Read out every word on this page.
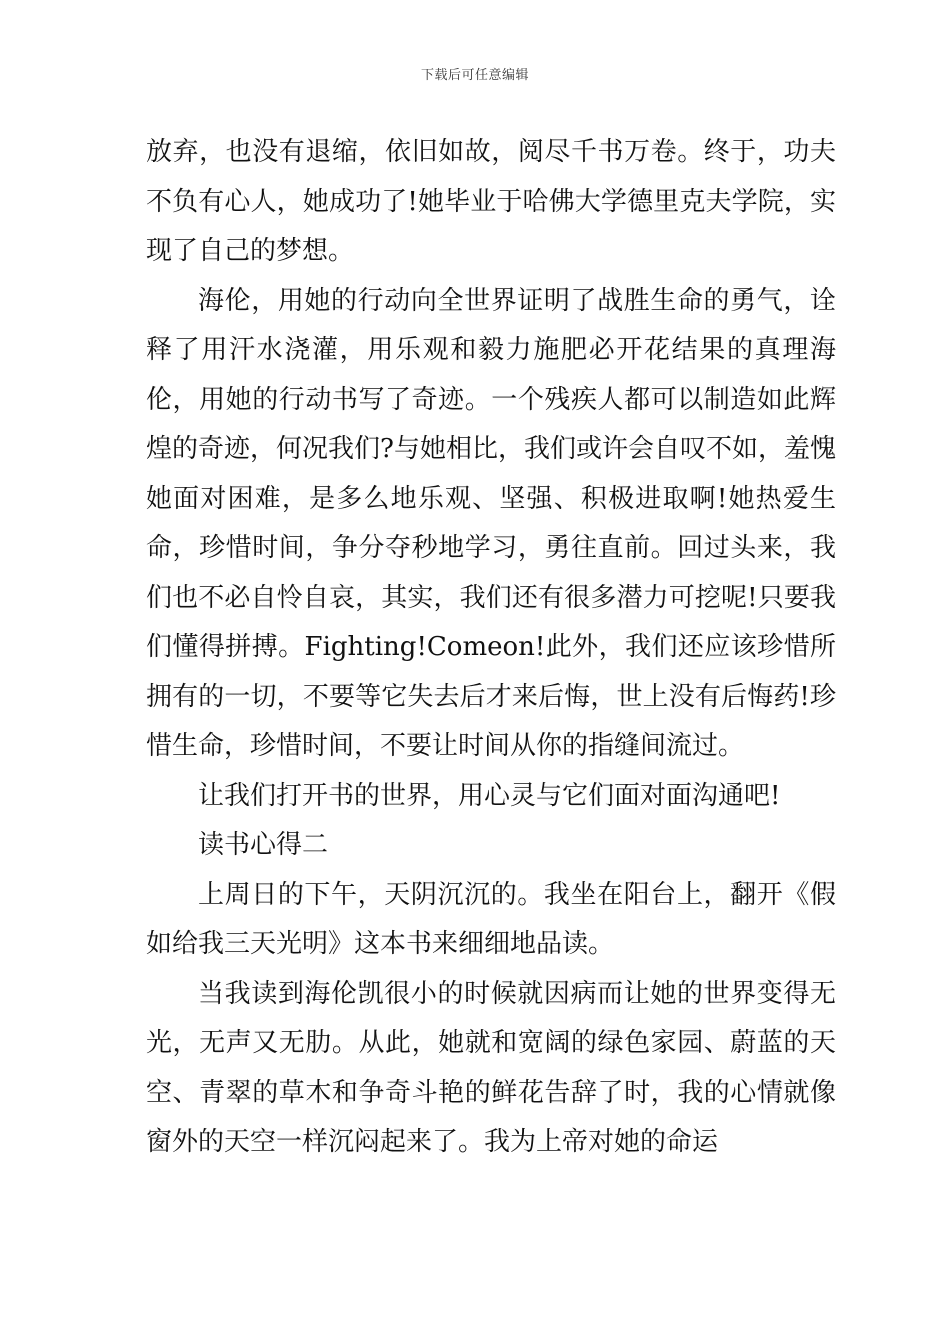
下载后可任意编辑

放弃，也没有退缩，依旧如故，阅尽千书万卷。终于，功夫不负有心人，她成功了!她毕业于哈佛大学德里克夫学院，实现了自己的梦想。

海伦，用她的行动向全世界证明了战胜生命的勇气，诠释了用汗水浇灌，用乐观和毅力施肥必开花结果的真理海伦，用她的行动书写了奇迹。一个残疾人都可以制造如此辉煌的奇迹，何况我们?与她相比，我们或许会自叹不如，羞愧她面对困难，是多么地乐观、坚强、积极进取啊!她热爱生命，珍惜时间，争分夺秒地学习，勇往直前。回过头来，我们也不必自怜自哀，其实，我们还有很多潜力可挖呢!只要我们懂得拼搏。Fighting!Comeon!此外，我们还应该珍惜所拥有的一切，不要等它失去后才来后悔，世上没有后悔药!珍惜生命，珍惜时间，不要让时间从你的指缝间流过。

让我们打开书的世界，用心灵与它们面对面沟通吧!

读书心得二

上周日的下午，天阴沉沉的。我坐在阳台上，翻开《假如给我三天光明》这本书来细细地品读。

当我读到海伦凯很小的时候就因病而让她的世界变得无光，无声又无肋。从此，她就和宽阔的绿色家园、蔚蓝的天空、青翠的草木和争奇斗艳的鲜花告辞了时，我的心情就像窗外的天空一样沉闷起来了。我为上帝对她的命运
